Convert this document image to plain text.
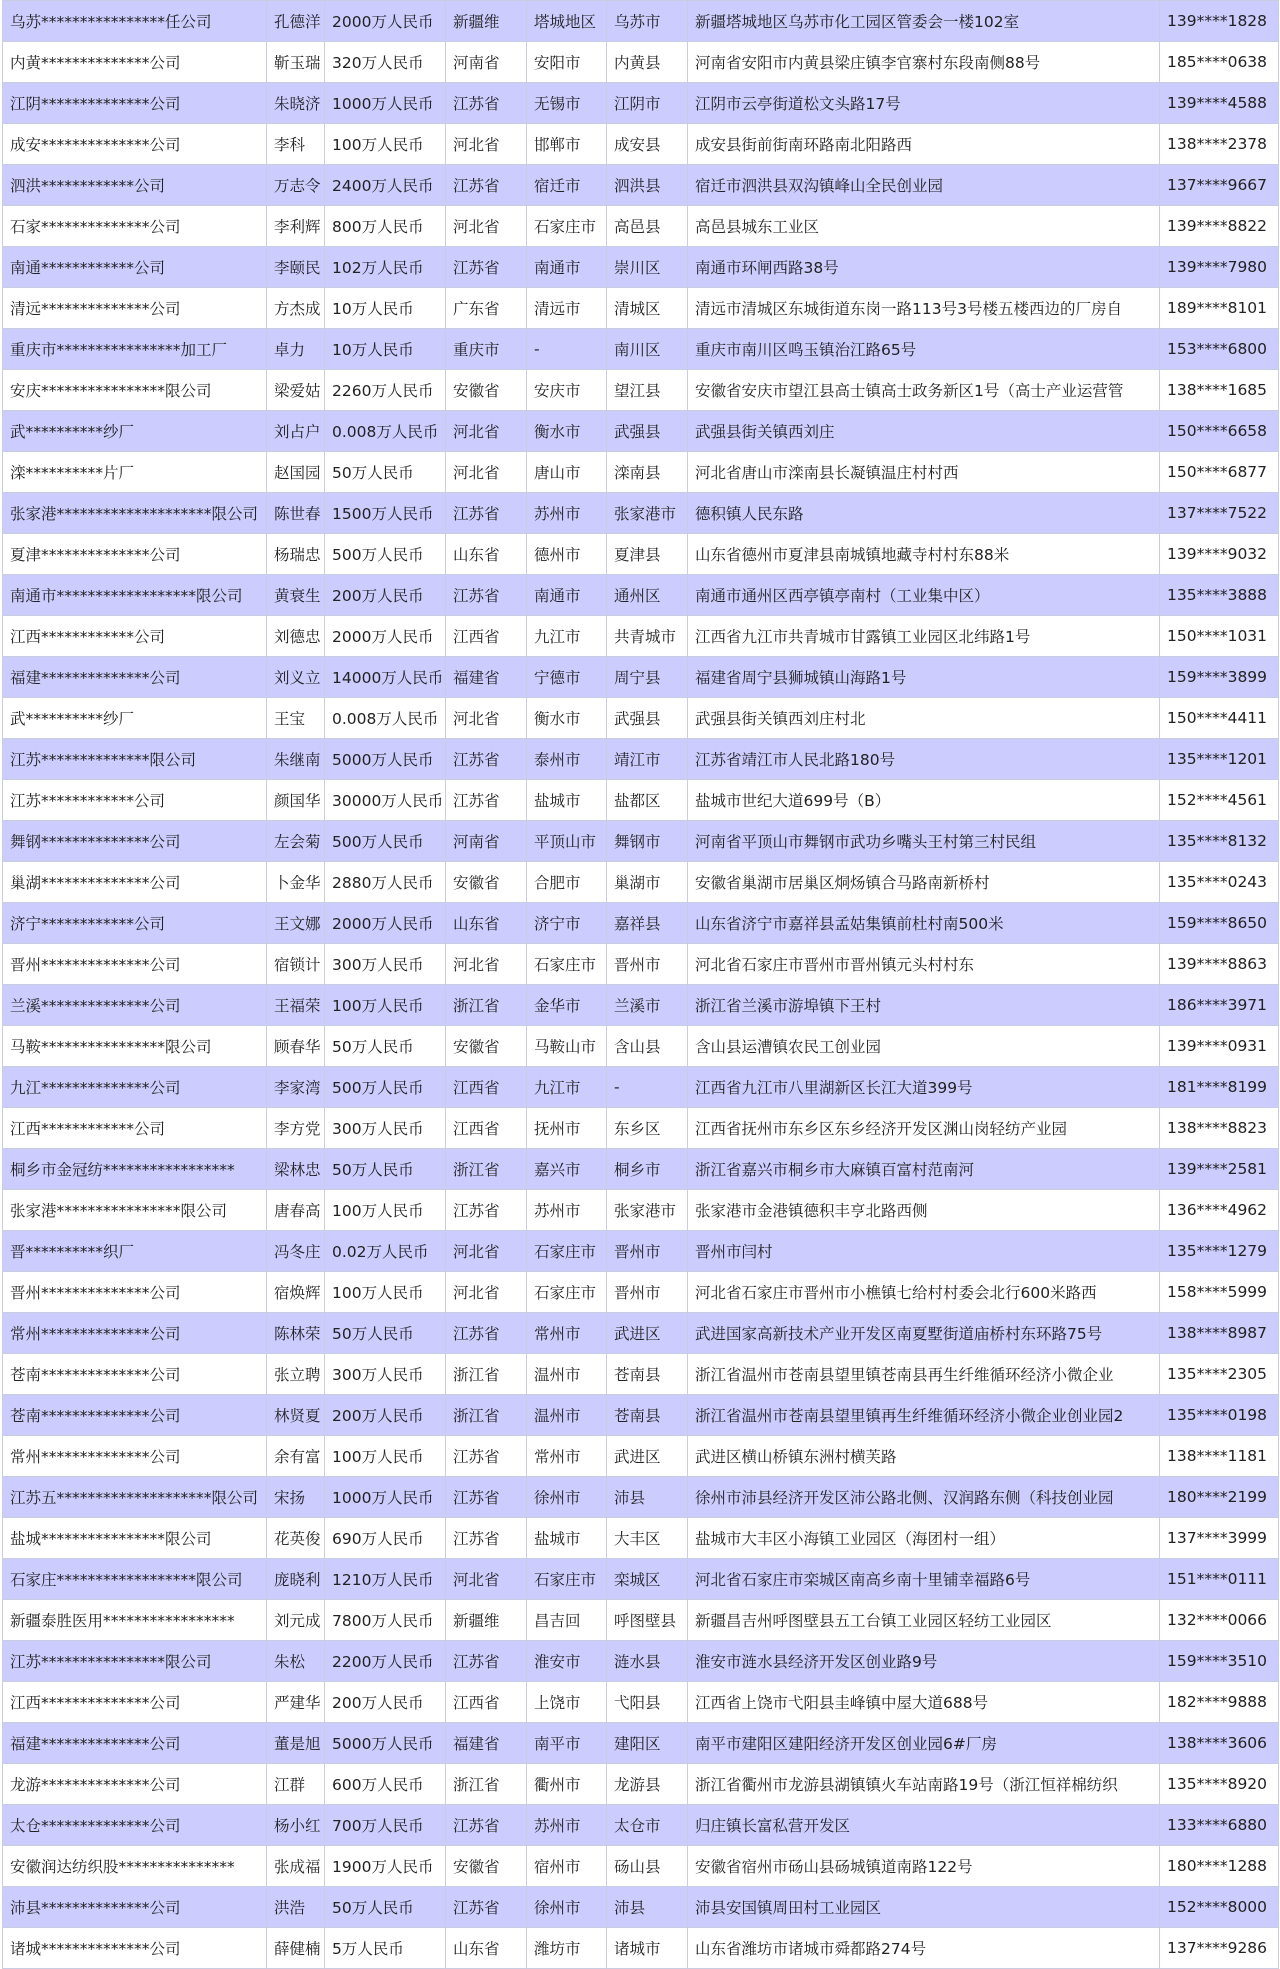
乌苏****************任公司	孔德洋	2000万人民币	新疆维	塔城地区	乌苏市	新疆塔城地区乌苏市化工园区管委会一楼102室	139****1828
内黄**************公司	靳玉瑞	320万人民币	河南省	安阳市	内黄县	河南省安阳市内黄县梁庄镇李官寨村东段南侧88号	185****0638
江阴**************公司	朱晓济	1000万人民币	江苏省	无锡市	江阴市	江阴市云亭街道松文头路17号	139****4588
成安**************公司	李科	100万人民币	河北省	邯郸市	成安县	成安县街前街南环路南北阳路西	138****2378
泗洪************公司	万志令	2400万人民币	江苏省	宿迁市	泗洪县	宿迁市泗洪县双沟镇峰山全民创业园	137****9667
石家**************公司	李利辉	800万人民币	河北省	石家庄市	高邑县	高邑县城东工业区	139****8822
南通************公司	李颐民	102万人民币	江苏省	南通市	崇川区	南通市环闸西路38号	139****7980
清远**************公司	方杰成	10万人民币	广东省	清远市	清城区	清远市清城区东城街道东岗一路113号3号楼五楼西边的厂房自	189****8101
重庆市****************加工厂	卓力	10万人民币	重庆市	-	南川区	重庆市南川区鸣玉镇治江路65号	153****6800
安庆****************限公司	梁爱姑	2260万人民币	安徽省	安庆市	望江县	安徽省安庆市望江县高士镇高士政务新区1号（高士产业运营管	138****1685
武**********纱厂	刘占户	0.008万人民币	河北省	衡水市	武强县	武强县街关镇西刘庄	150****6658
滦**********片厂	赵国园	50万人民币	河北省	唐山市	滦南县	河北省唐山市滦南县长凝镇温庄村村西	150****6877
张家港********************限公司	陈世春	1500万人民币	江苏省	苏州市	张家港市	德积镇人民东路	137****7522
夏津**************公司	杨瑞忠	500万人民币	山东省	德州市	夏津县	山东省德州市夏津县南城镇地藏寺村村东88米	139****9032
南通市******************限公司	黄衰生	200万人民币	江苏省	南通市	通州区	南通市通州区西亭镇亭南村（工业集中区）	135****3888
江西************公司	刘德忠	2000万人民币	江西省	九江市	共青城市	江西省九江市共青城市甘露镇工业园区北纬路1号	150****1031
福建**************公司	刘义立	14000万人民币	福建省	宁德市	周宁县	福建省周宁县狮城镇山海路1号	159****3899
武**********纱厂	王宝	0.008万人民币	河北省	衡水市	武强县	武强县街关镇西刘庄村北	150****4411
江苏**************限公司	朱继南	5000万人民币	江苏省	泰州市	靖江市	江苏省靖江市人民北路180号	135****1201
江苏************公司	颜国华	30000万人民币	江苏省	盐城市	盐都区	盐城市世纪大道699号（B）	152****4561
舞钢**************公司	左会菊	500万人民币	河南省	平顶山市	舞钢市	河南省平顶山市舞钢市武功乡嘴头王村第三村民组	135****8132
巢湖**************公司	卜金华	2880万人民币	安徽省	合肥市	巢湖市	安徽省巢湖市居巢区烔炀镇合马路南新桥村	135****0243
济宁************公司	王文娜	2000万人民币	山东省	济宁市	嘉祥县	山东省济宁市嘉祥县孟姑集镇前杜村南500米	159****8650
晋州**************公司	宿锁计	300万人民币	河北省	石家庄市	晋州市	河北省石家庄市晋州市晋州镇元头村村东	139****8863
兰溪**************公司	王福荣	100万人民币	浙江省	金华市	兰溪市	浙江省兰溪市游埠镇下王村	186****3971
马鞍****************限公司	顾春华	50万人民币	安徽省	马鞍山市	含山县	含山县运漕镇农民工创业园	139****0931
九江**************公司	李家湾	500万人民币	江西省	九江市	-	江西省九江市八里湖新区长江大道399号	181****8199
江西************公司	李方党	300万人民币	江西省	抚州市	东乡区	江西省抚州市东乡区东乡经济开发区渊山岗轻纺产业园	138****8823
桐乡市金冠纺*****************	梁林忠	50万人民币	浙江省	嘉兴市	桐乡市	浙江省嘉兴市桐乡市大麻镇百富村范南河	139****2581
张家港****************限公司	唐春高	100万人民币	江苏省	苏州市	张家港市	张家港市金港镇德积丰亨北路西侧	136****4962
晋**********织厂	冯冬庄	0.02万人民币	河北省	石家庄市	晋州市	晋州市闫村	135****1279
晋州**************公司	宿焕辉	100万人民币	河北省	石家庄市	晋州市	河北省石家庄市晋州市小樵镇七给村村委会北行600米路西	158****5999
常州**************公司	陈林荣	50万人民币	江苏省	常州市	武进区	武进国家高新技术产业开发区南夏墅街道庙桥村东环路75号	138****8987
苍南**************公司	张立聘	300万人民币	浙江省	温州市	苍南县	浙江省温州市苍南县望里镇苍南县再生纤维循环经济小微企业	135****2305
苍南**************公司	林贤夏	200万人民币	浙江省	温州市	苍南县	浙江省温州市苍南县望里镇再生纤维循环经济小微企业创业园2	135****0198
常州**************公司	余有富	100万人民币	江苏省	常州市	武进区	武进区横山桥镇东洲村横芙路	138****1181
江苏五********************限公司	宋扬	1000万人民币	江苏省	徐州市	沛县	徐州市沛县经济开发区沛公路北侧、汉润路东侧（科技创业园	180****2199
盐城****************限公司	花英俊	690万人民币	江苏省	盐城市	大丰区	盐城市大丰区小海镇工业园区（海团村一组）	137****3999
石家庄******************限公司	庞晓利	1210万人民币	河北省	石家庄市	栾城区	河北省石家庄市栾城区南高乡南十里铺幸福路6号	151****0111
新疆泰胜医用*****************	刘元成	7800万人民币	新疆维	昌吉回	呼图壁县	新疆昌吉州呼图壁县五工台镇工业园区轻纺工业园区	132****0066
江苏****************限公司	朱松	2200万人民币	江苏省	淮安市	涟水县	淮安市涟水县经济开发区创业路9号	159****3510
江西**************公司	严建华	200万人民币	江西省	上饶市	弋阳县	江西省上饶市弋阳县圭峰镇中屋大道688号	182****9888
福建**************公司	董是旭	5000万人民币	福建省	南平市	建阳区	南平市建阳区建阳经济开发区创业园6#厂房	138****3606
龙游**************公司	江群	600万人民币	浙江省	衢州市	龙游县	浙江省衢州市龙游县湖镇镇火车站南路19号（浙江恒祥棉纺织	135****8920
太仓**************公司	杨小红	700万人民币	江苏省	苏州市	太仓市	归庄镇长富私营开发区	133****6880
安徽润达纺织股***************	张成福	1900万人民币	安徽省	宿州市	砀山县	安徽省宿州市砀山县砀城镇道南路122号	180****1288
沛县**************公司	洪浩	50万人民币	江苏省	徐州市	沛县	沛县安国镇周田村工业园区	152****8000
诸城**************公司	薛健楠	5万人民币	山东省	潍坊市	诸城市	山东省潍坊市诸城市舜都路274号	137****9286
